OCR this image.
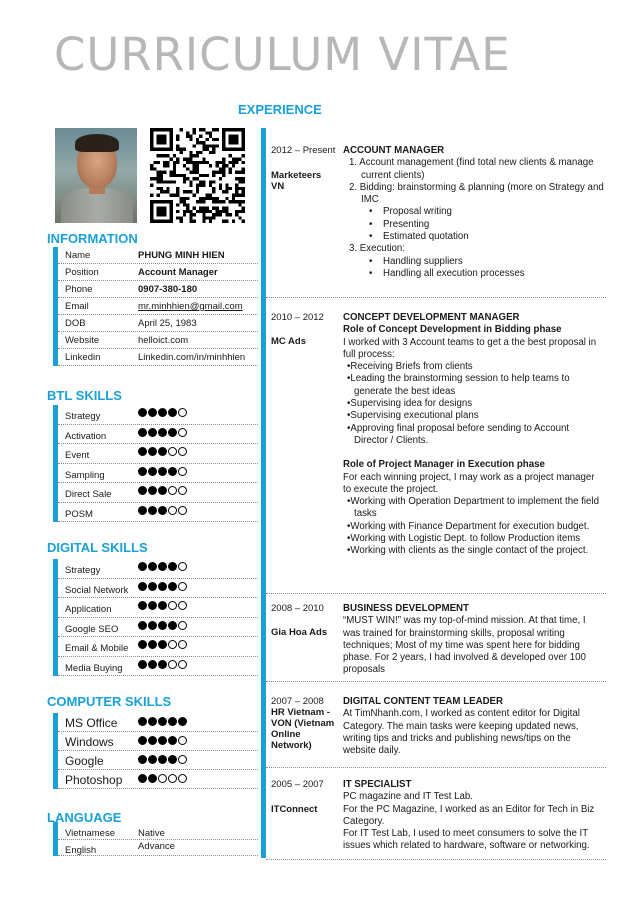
CURRICULUM VITAE
EXPERIENCE
INFORMATION
Name	PHUNG MINH HIEN
Position	Account Manager
Phone	0907-380-180
Email	mr.minhhien@gmail.com
DOB	April 25, 1983
Website	helloict.com
Linkedin	Linkedin.com/in/minhhien
BTL SKILLS
Strategy
Activation
Event
Sampling
Direct Sale
POSM
DIGITAL SKILLS
Strategy
Social Network
Application
Google SEO
Email & Mobile
Media Buying
COMPUTER SKILLS
MS Office
Windows
Google
Photoshop
LANGUAGE
Vietnamese Native
English	Advance
2012 – Present
Marketeers VN
ACCOUNT MANAGER
1. Account management (find total new clients & manage current clients)
2. Bidding: brainstorming & planning (more on Strategy and IMC
• Proposal writing
• Presenting
• Estimated quotation
3. Execution:
• Handling suppliers
• Handling all execution processes
2010 – 2012
MC Ads
CONCEPT DEVELOPMENT MANAGER
Role of Concept Development in Bidding phase

I worked with 3 Account teams to get a the best proposal in full process:

• Receiving Briefs from clients
• Leading the brainstorming session to help teams to generate the best ideas
• Supervising idea for designs
• Supervising executional plans
• Approving final proposal before sending to Account Director / Clients.
Role of Project Manager in Execution phase

For each winning project, I may work as a project manager to execute the project.

• Working with Operation Department to implement the field tasks
• Working with Finance Department for execution budget.
• Working with Logistic Dept. to follow Production items
• Working with clients as the single contact of the project.
2008 – 2010
Gia Hoa Ads
BUSINESS DEVELOPMENT

“MUST WIN!” was my top-of-mind mission. At that time, I was trained for brainstorming skills, proposal writing techniques; Most of my time was spent here for bidding phase. For 2 years, I had involved & developed over 100 proposals

2007 – 2008
HR Vietnam - VON (Vietnam Online Network)
DIGITAL CONTENT TEAM LEADER

At TimNhanh.com, I worked as content editor for Digital Category. The main tasks were keeping updated news, writing tips and tricks and publishing news/tips on the website daily.

2005 – 2007
ITConnect
IT SPECIALIST

PC magazine and IT Test Lab.
For the PC Magazine, I worked as an Editor for Tech in Biz Category.
For IT Test Lab, I used to meet consumers to solve the IT issues which related to hardware, software or networking.
